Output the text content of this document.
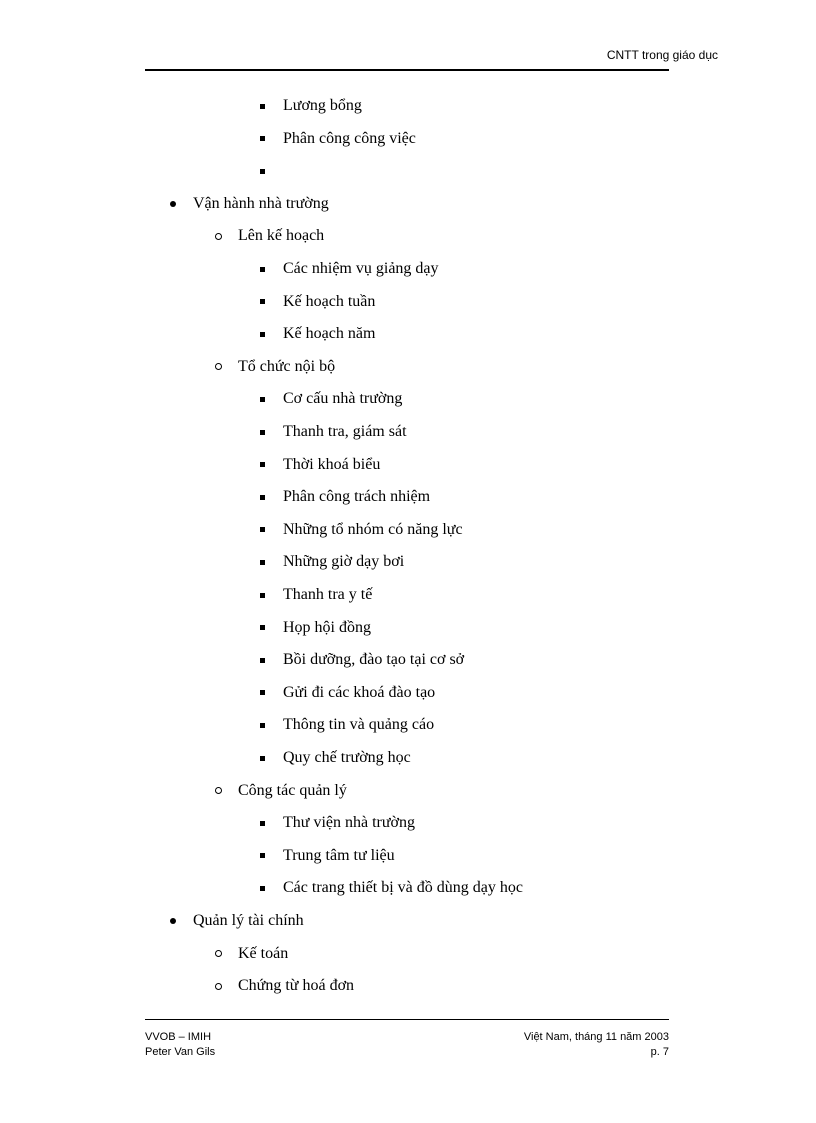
CNTT trong giáo dục
Lương bổng
Phân công công việc
Vận hành nhà trường
Lên kế hoạch
Các nhiệm vụ giảng dạy
Kế hoạch tuần
Kế hoạch năm
Tổ chức nội bộ
Cơ cấu nhà trường
Thanh tra, giám sát
Thời khoá biểu
Phân công trách nhiệm
Những tổ nhóm có năng lực
Những giờ dạy bơi
Thanh tra y tế
Họp hội đồng
Bồi dưỡng, đào tạo tại cơ sở
Gửi đi các khoá đào tạo
Thông tin và quảng cáo
Quy chế trường học
Công tác quản lý
Thư viện nhà trường
Trung tâm tư liệu
Các trang thiết bị và đồ dùng dạy học
Quản lý tài chính
Kế toán
Chứng từ hoá đơn
VVOB – IMIH
Peter Van Gils
Việt Nam, tháng 11 năm 2003
p. 7
